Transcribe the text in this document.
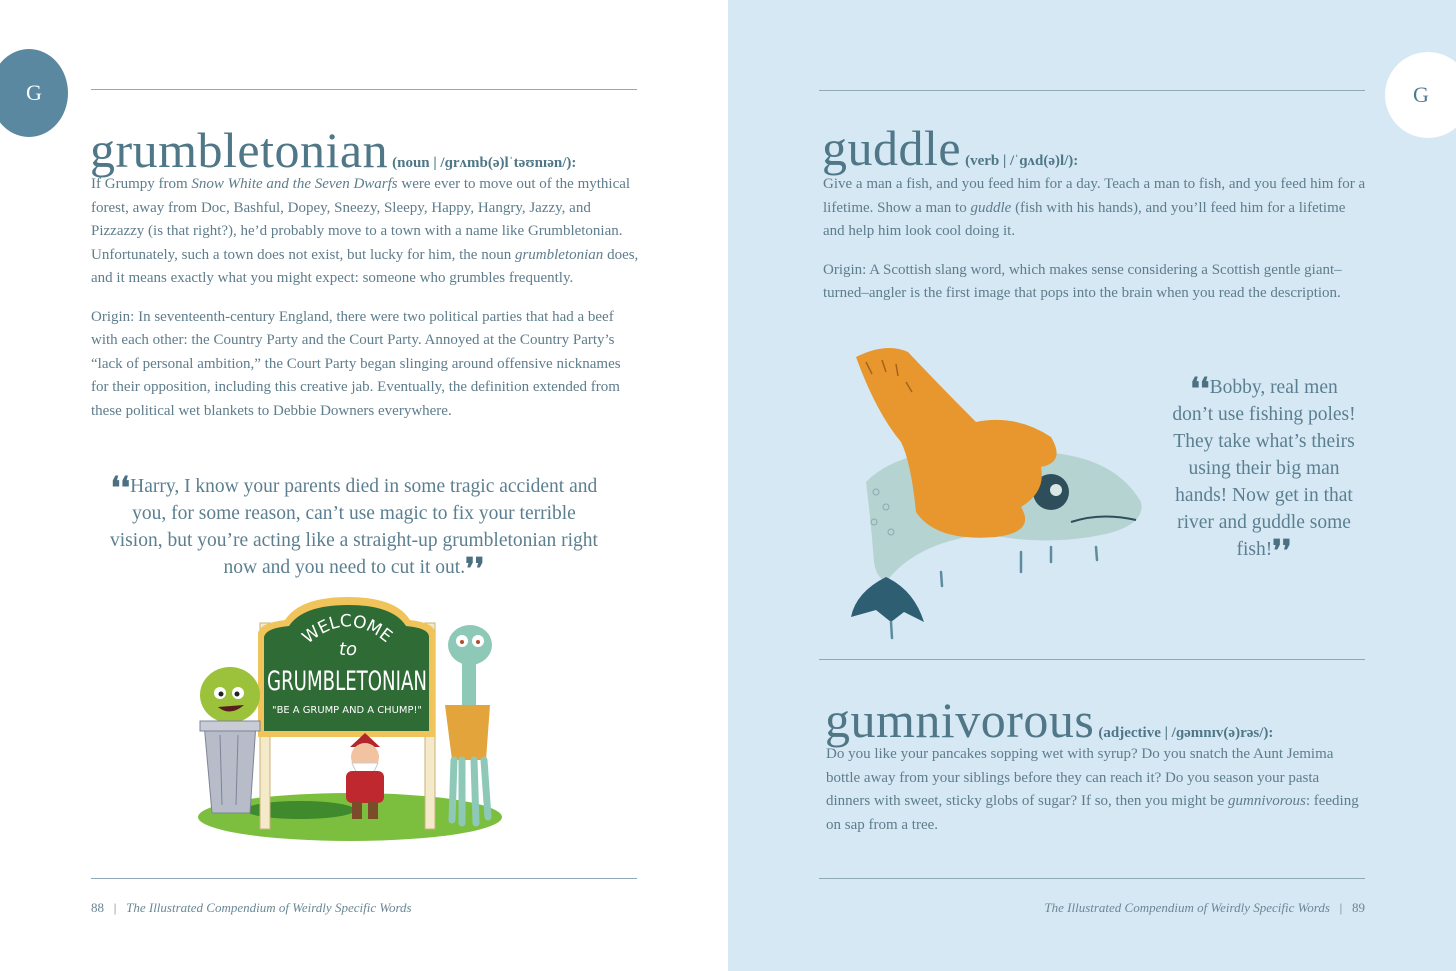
G
grumbletonian (noun | /ɡrʌmb(ə)lˈtəʊnɪən/):

If Grumpy from Snow White and the Seven Dwarfs were ever to move out of the mythical forest, away from Doc, Bashful, Dopey, Sneezy, Sleepy, Happy, Hangry, Jazzy, and Pizzazzy (is that right?), he’d probably move to a town with a name like Grumbletonian. Unfortunately, such a town does not exist, but lucky for him, the noun grumbletonian does, and it means exactly what you might expect: someone who grumbles frequently.

Origin: In seventeenth-century England, there were two political parties that had a beef with each other: the Country Party and the Court Party. Annoyed at the Country Party’s “lack of personal ambition,” the Court Party began slinging around offensive nicknames for their opposition, including this creative jab. Eventually, the definition extended from these political wet blankets to Debbie Downers everywhere.

❛❛Harry, I know your parents died in some tragic accident and you, for some reason, can’t use magic to fix your terrible vision, but you’re acting like a straight-up grumbletonian right now and you need to cut it out.❜❜
WELCOME
to
GRUMBLETONIAN
"BE A GRUMP AND A CHUMP!"
88 | The Illustrated Compendium of Weirdly Specific Words
G
guddle (verb | /ˈɡʌd(ə)l/):

Give a man a fish, and you feed him for a day. Teach a man to fish, and you feed him for a lifetime. Show a man to guddle (fish with his hands), and you’ll feed him for a lifetime and help him look cool doing it.

Origin: A Scottish slang word, which makes sense considering a Scottish gentle giant–turned–angler is the first image that pops into the brain when you read the description.

❛❛Bobby, real men don’t use fishing poles! They take what’s theirs using their big man hands! Now get in that river and guddle some fish!❜❜
gumnivorous (adjective | /ɡəmnɪv(ə)rəs/):

Do you like your pancakes sopping wet with syrup? Do you snatch the Aunt Jemima bottle away from your siblings before they can reach it? Do you season your pasta dinners with sweet, sticky globs of sugar? If so, then you might be gumnivorous: feeding on sap from a tree.

The Illustrated Compendium of Weirdly Specific Words | 89
